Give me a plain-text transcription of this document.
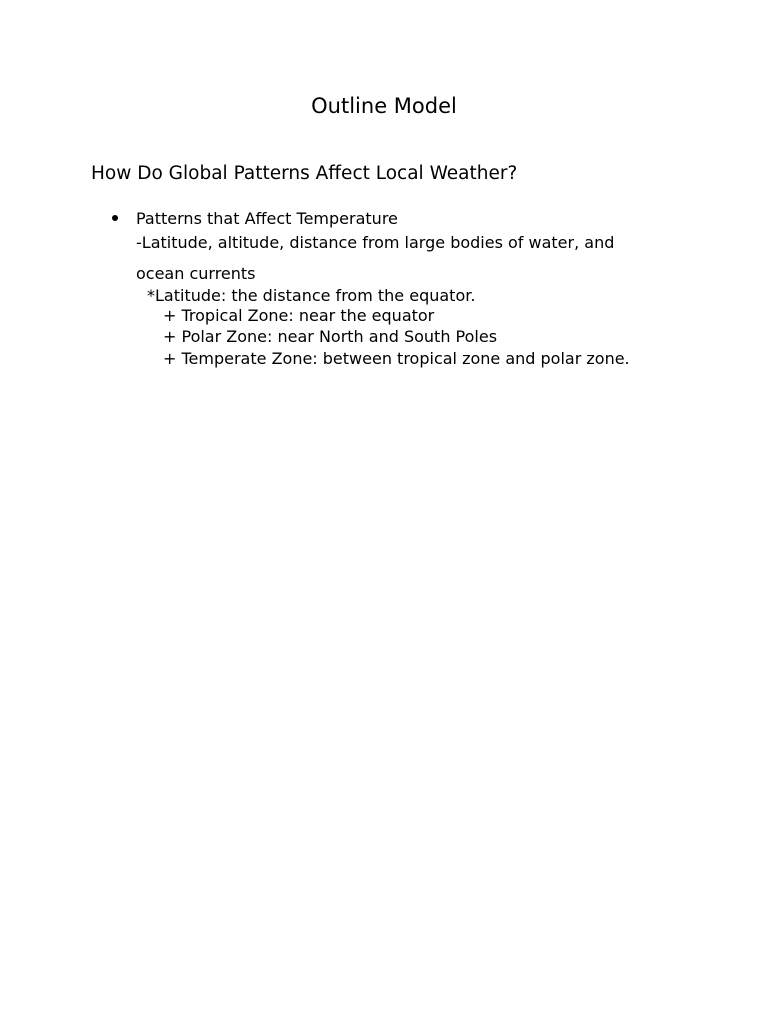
Outline Model
How Do Global Patterns Affect Local Weather?
Patterns that Affect Temperature
-Latitude, altitude, distance from large bodies of water, and
ocean currents
*Latitude: the distance from the equator.
+ Tropical Zone: near the equator
+ Polar Zone: near North and South Poles
+ Temperate Zone: between tropical zone and polar zone.
